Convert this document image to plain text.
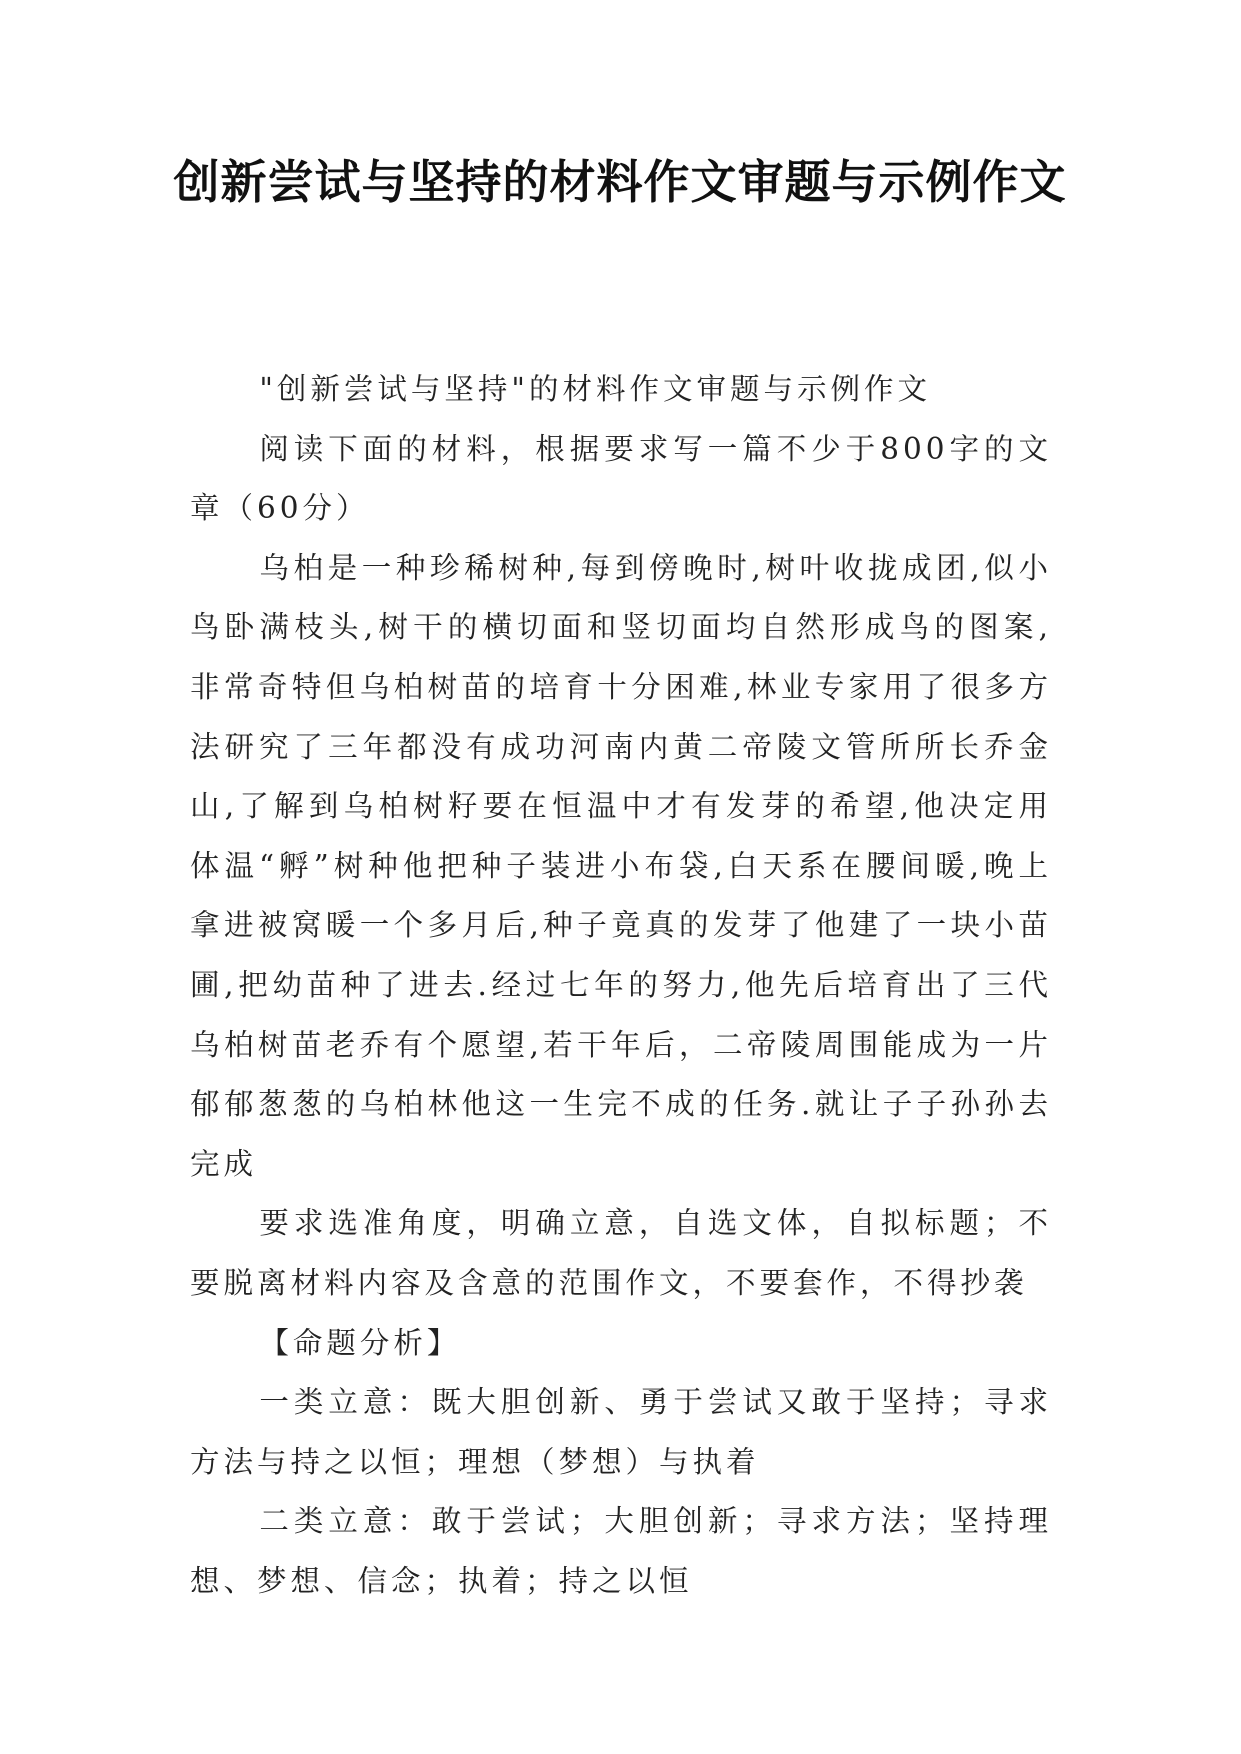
创新尝试与坚持的材料作文审题与示例作文

"创新尝试与坚持"的材料作文审题与示例作文

阅读下面的材料，根据要求写一篇不少于800字的文章（60分）

乌柏是一种珍稀树种,每到傍晚时,树叶收拢成团,似小鸟卧满枝头,树干的横切面和竖切面均自然形成鸟的图案,非常奇特但乌柏树苗的培育十分困难,林业专家用了很多方法研究了三年都没有成功河南内黄二帝陵文管所所长乔金山,了解到乌柏树籽要在恒温中才有发芽的希望,他决定用体温“孵”树种他把种子装进小布袋,白天系在腰间暖,晚上拿进被窝暖一个多月后,种子竟真的发芽了他建了一块小苗圃,把幼苗种了进去.经过七年的努力,他先后培育出了三代乌柏树苗老乔有个愿望,若干年后，二帝陵周围能成为一片郁郁葱葱的乌柏林他这一生完不成的任务.就让子子孙孙去完成

要求选准角度，明确立意，自选文体，自拟标题；不要脱离材料内容及含意的范围作文，不要套作，不得抄袭

【命题分析】

一类立意：既大胆创新、勇于尝试又敢于坚持；寻求方法与持之以恒；理想（梦想）与执着

二类立意：敢于尝试；大胆创新；寻求方法；坚持理想、梦想、信念；执着；持之以恒
